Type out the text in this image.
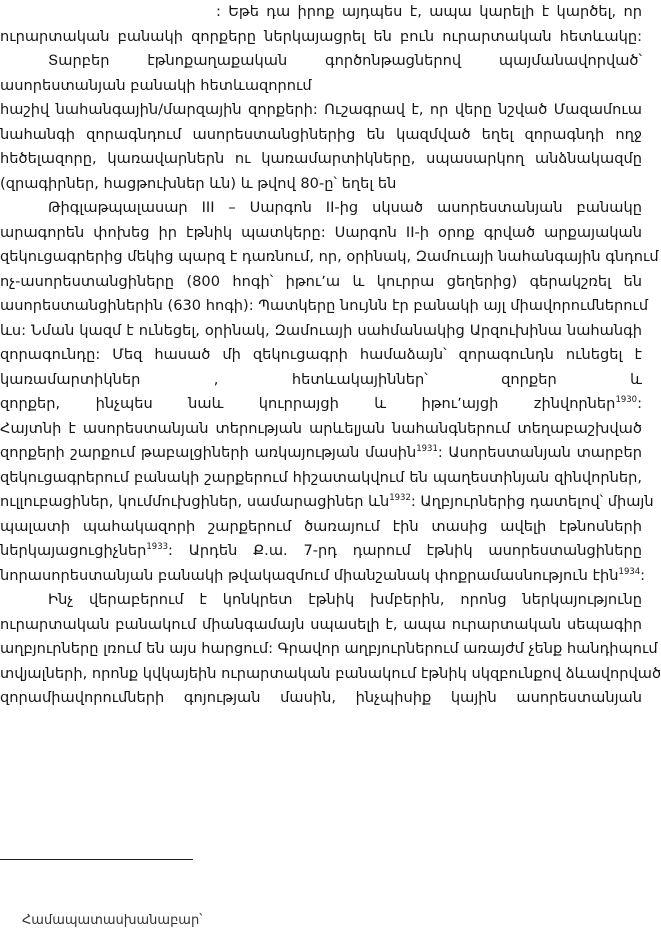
: Եթե դա իրոք այդպես է, ապա կարելի է կարծել, որ
ուրարտական բանակի զորքերը ներկայացրել են բուն ուրարտական հետևակը:
Տարբեր էթնոքաղաքական գործոնթացներով պայմանավորված՝
ասորեստանյան բանակի հետևազորում
հաշիվ նահանգային/մարզային զորքերի: Ուշագրավ է, որ վերը նշված Մազամուա
նահանգի զորագնդում ասորեստանցիներից են կազմված եղել զորագնդի ողջ
հեծելազորը, կառավարներն ու կառամարտիկները, սպասարկող անձնակազմը
(զրագիրներ, հացթուխներ ևն) և թվով 80-ը՝ եղել են
Թիգլաթպալասար III – Սարգոն II-ից սկսած ասորեստանյան բանակը
արագորեն փոխեց իր էթնիկ պատկերը: Սարգոն II-ի օրոք գրված արքայական
զեկուցագրերից մեկից պարզ է դառնում, որ, օրինակ, Զամուայի նահանգային գնդում
ոչ-ասորեստանցիները (800 հոգի՝ իթու՚ա և կուրրա ցեղերից) գերակշռել են
ասորեստանցիներին (630 հոգի): Պատկերը նույնն էր բանակի այլ միավորումներում
ևս: Նման կազմ է ունեցել, օրինակ, Զամուայի սահմանակից Արզուխինա նահանգի
զորագունդը: Մեզ հասած մի զեկուցագրի համաձայն՝ զորագունդն ունեցել է
կառամարտիկներ , հետևակայիններ՝ զորքեր և
զորքեր, ինչպես նաև կուրրայցի և իթու՚այցի zինվորներ$^{1930}$:
Հայտնի է ասորեստանյան տերության արևելյան նահանգներում տեղաբաշխված
զորքերի շարքում թաբալցիների առկայության մասին$^{1931}$: Ասորեստանյան տարբեր
զեկուցագրերում բանակի շարքերում հիշատակվում են պաղեստինյան զինվորներ,
ուլլուբացիներ, կումմուխցիներ, սամարացիներ ևն$^{1932}$: Աղբյուրներից դատելով՝ միայն
պալատի պահակազորի շարքերում ծառայում էին տասից ավելի էթնոսների
ներկայացուցիչներ$^{1933}$: Արդեն Ք.ա. 7-րդ դարում էթնիկ ասորեստանցիները
նորասորեստանյան բանակի թվակազմում միանշանակ փոքրամասնություն էին$^{1934}$:
Ինչ վերաբերում է կոնկրետ էթնիկ խմբերին, որոնց ներկայությունը
ուրարտական բանակում միանգամայն սպասելի է, ապա ուրարտական սեպագիր
աղբյուրները լռում են այս հարցում: Գրավոր աղբյուրներում առայժմ չենք հանդիպում
տվյալների, որոնք կվկայեին ուրարտական բանակում էթնիկ սկզբունքով ձևավորված
զորամիավորումների գոյության մասին, ինչպիսիք կային ասորեստանյան
Համապատասխանաբար՝
